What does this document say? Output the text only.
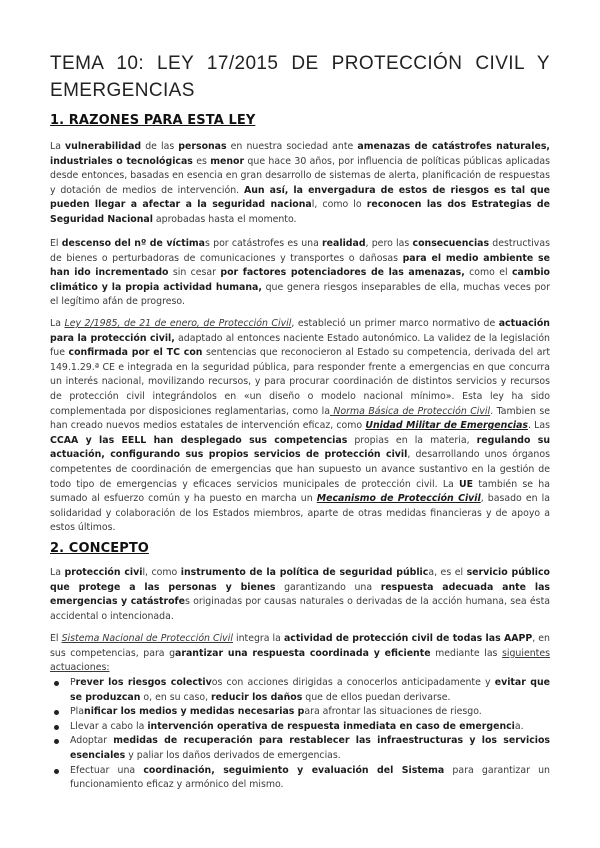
TEMA 10: LEY 17/2015 DE PROTECCIÓN CIVIL Y EMERGENCIAS
1. RAZONES PARA ESTA LEY

La vulnerabilidad de las personas en nuestra sociedad ante amenazas de catástrofes naturales, industriales o tecnológicas es menor que hace 30 años, por influencia de políticas públicas aplicadas desde entonces, basadas en esencia en gran desarrollo de sistemas de alerta, planificación de respuestas y dotación de medios de intervención. Aun así, la envergadura de estos de riesgos es tal que pueden llegar a afectar a la seguridad nacional, como lo reconocen las dos Estrategias de Seguridad Nacional aprobadas hasta el momento.

El descenso del nº de víctimas por catástrofes es una realidad, pero las consecuencias destructivas de bienes o perturbadoras de comunicaciones y transportes o dañosas para el medio ambiente se han ido incrementado sin cesar por factores potenciadores de las amenazas, como el cambio climático y la propia actividad humana, que genera riesgos inseparables de ella, muchas veces por el legítimo afán de progreso.

La Ley 2/1985, de 21 de enero, de Protección Civil, estableció un primer marco normativo de actuación para la protección civil, adaptado al entonces naciente Estado autonómico. La validez de la legislación fue confirmada por el TC con sentencias que reconocieron al Estado su competencia, derivada del art 149.1.29.ª CE e integrada en la seguridad pública, para responder frente a emergencias en que concurra un interés nacional, movilizando recursos, y para procurar coordinación de distintos servicios y recursos de protección civil integrándolos en «un diseño o modelo nacional mínimo». Esta ley ha sido complementada por disposiciones reglamentarias, como la Norma Básica de Protección Civil. Tambien se han creado nuevos medios estatales de intervención eficaz, como Unidad Militar de Emergencias. Las CCAA y las EELL han desplegado sus competencias propias en la materia, regulando su actuación, configurando sus propios servicios de protección civil, desarrollando unos órganos competentes de coordinación de emergencias que han supuesto un avance sustantivo en la gestión de todo tipo de emergencias y eficaces servicios municipales de protección civil. La UE también se ha sumado al esfuerzo común y ha puesto en marcha un Mecanismo de Protección Civil, basado en la solidaridad y colaboración de los Estados miembros, aparte de otras medidas financieras y de apoyo a estos últimos.

2. CONCEPTO

La protección civil, como instrumento de la política de seguridad pública, es el servicio público que protege a las personas y bienes garantizando una respuesta adecuada ante las emergencias y catástrofes originadas por causas naturales o derivadas de la acción humana, sea ésta accidental o intencionada.

El Sistema Nacional de Protección Civil integra la actividad de protección civil de todas las AAPP, en sus competencias, para garantizar una respuesta coordinada y eficiente mediante las siguientes actuaciones:

Prever los riesgos colectivos con acciones dirigidas a conocerlos anticipadamente y evitar que se produzcan o, en su caso, reducir los daños que de ellos puedan derivarse.
Planificar los medios y medidas necesarias para afrontar las situaciones de riesgo.
Llevar a cabo la intervención operativa de respuesta inmediata en caso de emergencia.
Adoptar medidas de recuperación para restablecer las infraestructuras y los servicios esenciales y paliar los daños derivados de emergencias.
Efectuar una coordinación, seguimiento y evaluación del Sistema para garantizar un funcionamiento eficaz y armónico del mismo.
